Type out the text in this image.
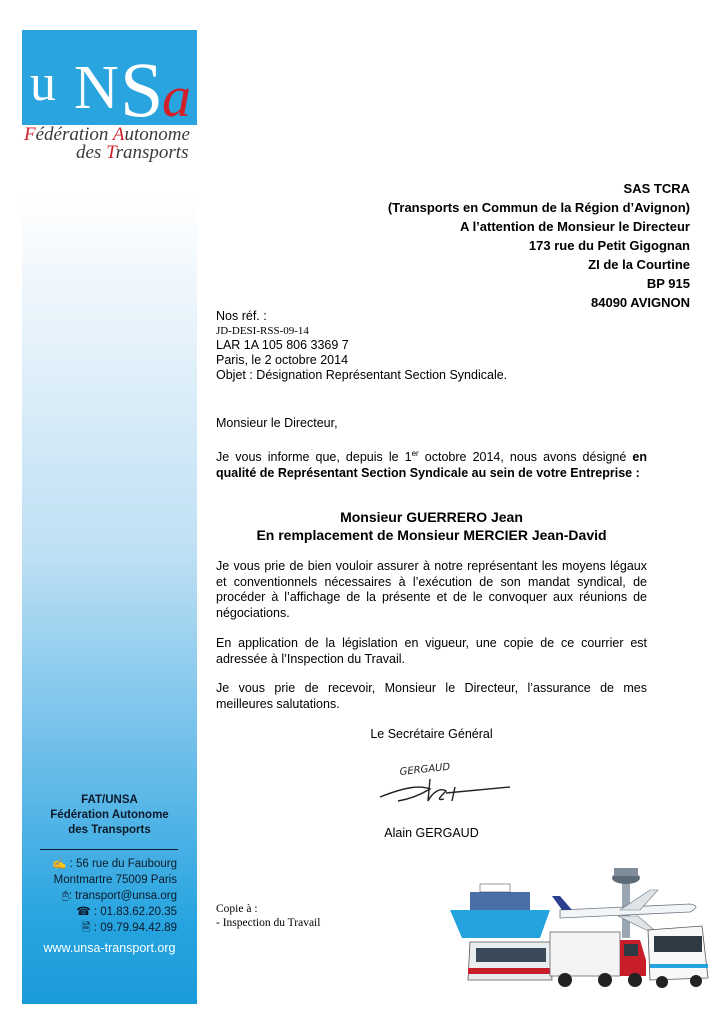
u N S
a
Fédération Autonome
des Transports
SAS TCRA
(Transports en Commun de la Région d’Avignon)
A l’attention de Monsieur le Directeur
173 rue du Petit Gigognan
ZI de la Courtine
BP 915
84090 AVIGNON
Nos réf. :
JD-DESI-RSS-09-14
LAR 1A 105 806 3369 7
Paris, le 2 octobre 2014
Objet : Désignation Représentant Section Syndicale.
Monsieur le Directeur,
Je vous informe que, depuis le 1er octobre 2014, nous avons désigné en qualité de Représentant Section Syndicale au sein de votre Entreprise :
Monsieur GUERRERO Jean
En remplacement de Monsieur MERCIER Jean-David
Je vous prie de bien vouloir assurer à notre représentant les moyens légaux et conventionnels nécessaires à l’exécution de son mandat syndical, de procéder à l’affichage de la présente et de le convoquer aux réunions de négociations.
En application de la législation en vigueur, une copie de ce courrier est adressée à l’Inspection du Travail.
Je vous prie de recevoir, Monsieur le Directeur, l’assurance de mes meilleures salutations.
Le Secrétaire Général
GERGAUD
Alain GERGAUD
Copie à :
- Inspection du Travail
FAT/UNSA
Fédération Autonome
des Transports
✍ : 56 rue du Faubourg
Montmartre 75009 Paris
🖰: transport@unsa.org
☎ : 01.83.62.20.35
🖹 : 09.79.94.42.89
www.unsa-transport.org
